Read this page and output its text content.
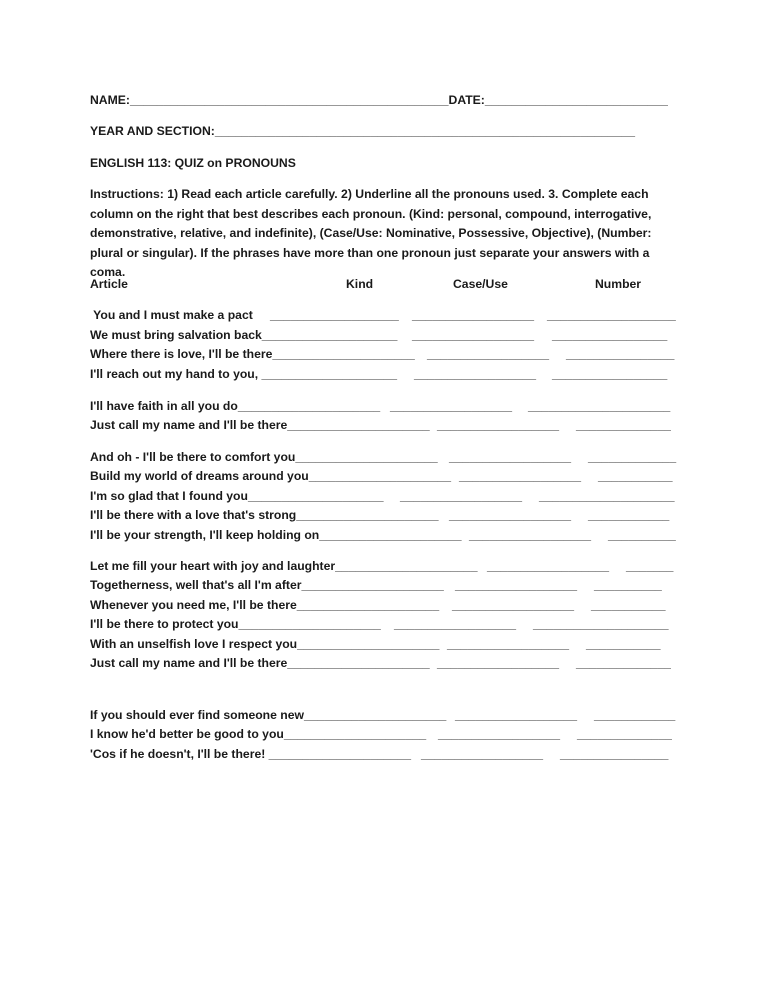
NAME:_______________________________________________DATE:___________________________
YEAR AND SECTION:______________________________________________________________
ENGLISH 113: QUIZ on PRONOUNS
Instructions: 1) Read each article carefully. 2) Underline all the pronouns used. 3. Complete each column on the right that best describes each pronoun. (Kind: personal, compound, interrogative, demonstrative, relative, and indefinite), (Case/Use: Nominative, Possessive, Objective), (Number: plural or singular). If the phrases have more than one pronoun just separate your answers with a coma.
Article	Kind	Case/Use	Number
You and I must make a pact ___________________ __________________ ___________________
We must bring salvation back____________________ __________________ _________________
Where there is love, I'll be there_____________________ __________________ ________________
I'll reach out my hand to you, ____________________ __________________ _________________
I'll have faith in all you do_____________________ __________________ _____________________
Just call my name and I'll be there_____________________ __________________ ______________
And oh - I'll be there to comfort you_____________________ __________________ _____________
Build my world of dreams around you_____________________ __________________ ___________
I'm so glad that I found you____________________ __________________ ____________________
I'll be there with a love that's strong_____________________ __________________ ____________
I'll be your strength, I'll keep holding on_____________________ __________________ __________
Let me fill your heart with joy and laughter_____________________ __________________ _______
Togetherness, well that's all I'm after_____________________ __________________ __________
Whenever you need me, I'll be there_____________________ __________________ ___________
I'll be there to protect you_____________________ __________________ ____________________
With an unselfish love I respect you_____________________ __________________ ___________
Just call my name and I'll be there_____________________ __________________ ______________
If you should ever find someone new_____________________ __________________ ____________
I know he'd better be good to you_____________________ __________________ ______________
'Cos if he doesn't, I'll be there! _____________________ __________________ ________________
